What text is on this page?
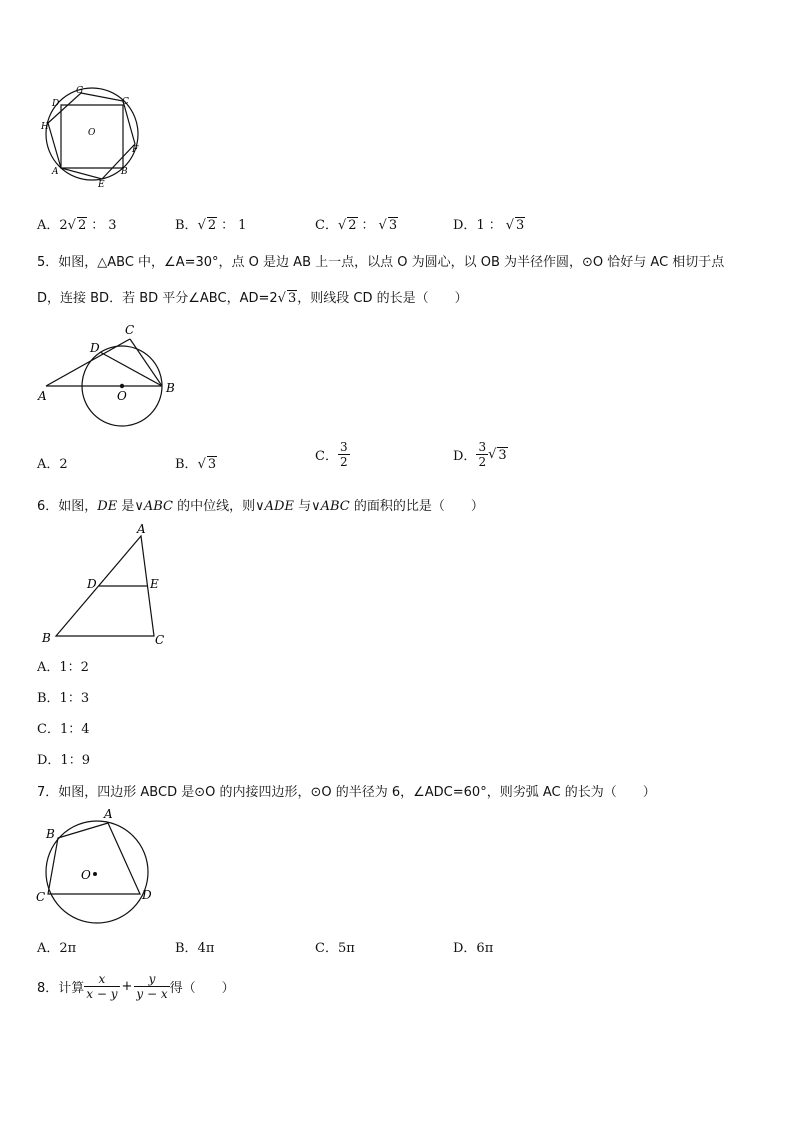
G
C
D
H
O
F
A
E
B
A．2√ 2 ： 3	B．√ 2 ： 1	C．√ 2 ： √ 3	D．1 ： √ 3
5．如图，△ABC 中，∠A=30°，点 O 是边 AB 上一点，以点 O 为圆心，以 OB 为半径作圆，⊙O 恰好与 AC 相切于点
D，连接 BD．若 BD 平分∠ABC，AD=2√ 3，则线段 CD 的长是（　　）
A
B
C
D
O
A．2	B．√ 3
C． $\frac{3}{2}$	D． $\frac{3}{2}$ √ 3
6．如图，DE 是∨ABC 的中位线，则∨ADE 与∨ABC 的面积的比是（　　）
A
B	C
D	E
A．1：2
B．1：3
C．1：4
D．1：9
7．如图，四边形 ABCD 是⊙O 的内接四边形，⊙O 的半径为 6，∠ADC=60°，则劣弧 AC 的长为（　　）
A
B
C	D
O
A．2π	B．4π	C．5π	D．6π
8．计算 $\frac{x}{x - y} + \frac{y}{y - x}$ 得（　　）
